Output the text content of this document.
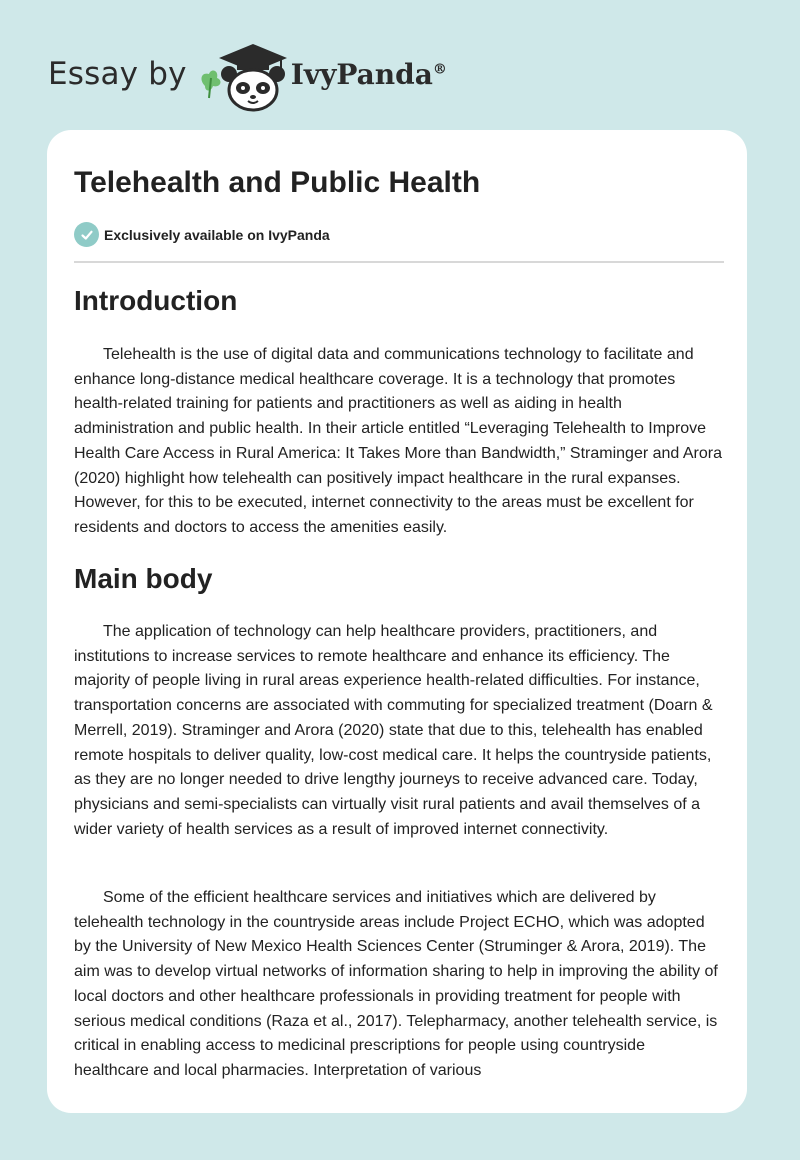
Essay by	IvyPanda®
Telehealth and Public Health
Exclusively available on IvyPanda
Introduction

Telehealth is the use of digital data and communications technology to facilitate and enhance long-distance medical healthcare coverage. It is a technology that promotes health-related training for patients and practitioners as well as aiding in health administration and public health. In their article entitled “Leveraging Telehealth to Improve Health Care Access in Rural America: It Takes More than Bandwidth,” Straminger and Arora (2020) highlight how telehealth can positively impact healthcare in the rural expanses. However, for this to be executed, internet connectivity to the areas must be excellent for residents and doctors to access the amenities easily.

Main body

The application of technology can help healthcare providers, practitioners, and institutions to increase services to remote healthcare and enhance its efficiency. The majority of people living in rural areas experience health-related difficulties. For instance, transportation concerns are associated with commuting for specialized treatment (Doarn & Merrell, 2019). Straminger and Arora (2020) state that due to this, telehealth has enabled remote hospitals to deliver quality, low-cost medical care. It helps the countryside patients, as they are no longer needed to drive lengthy journeys to receive advanced care. Today, physicians and semi-specialists can virtually visit rural patients and avail themselves of a wider variety of health services as a result of improved internet connectivity.

Some of the efficient healthcare services and initiatives which are delivered by telehealth technology in the countryside areas include Project ECHO, which was adopted by the University of New Mexico Health Sciences Center (Struminger & Arora, 2019). The aim was to develop virtual networks of information sharing to help in improving the ability of local doctors and other healthcare professionals in providing treatment for people with serious medical conditions (Raza et al., 2017). Telepharmacy, another telehealth service, is critical in enabling access to medicinal prescriptions for people using countryside healthcare and local pharmacies. Interpretation of various
